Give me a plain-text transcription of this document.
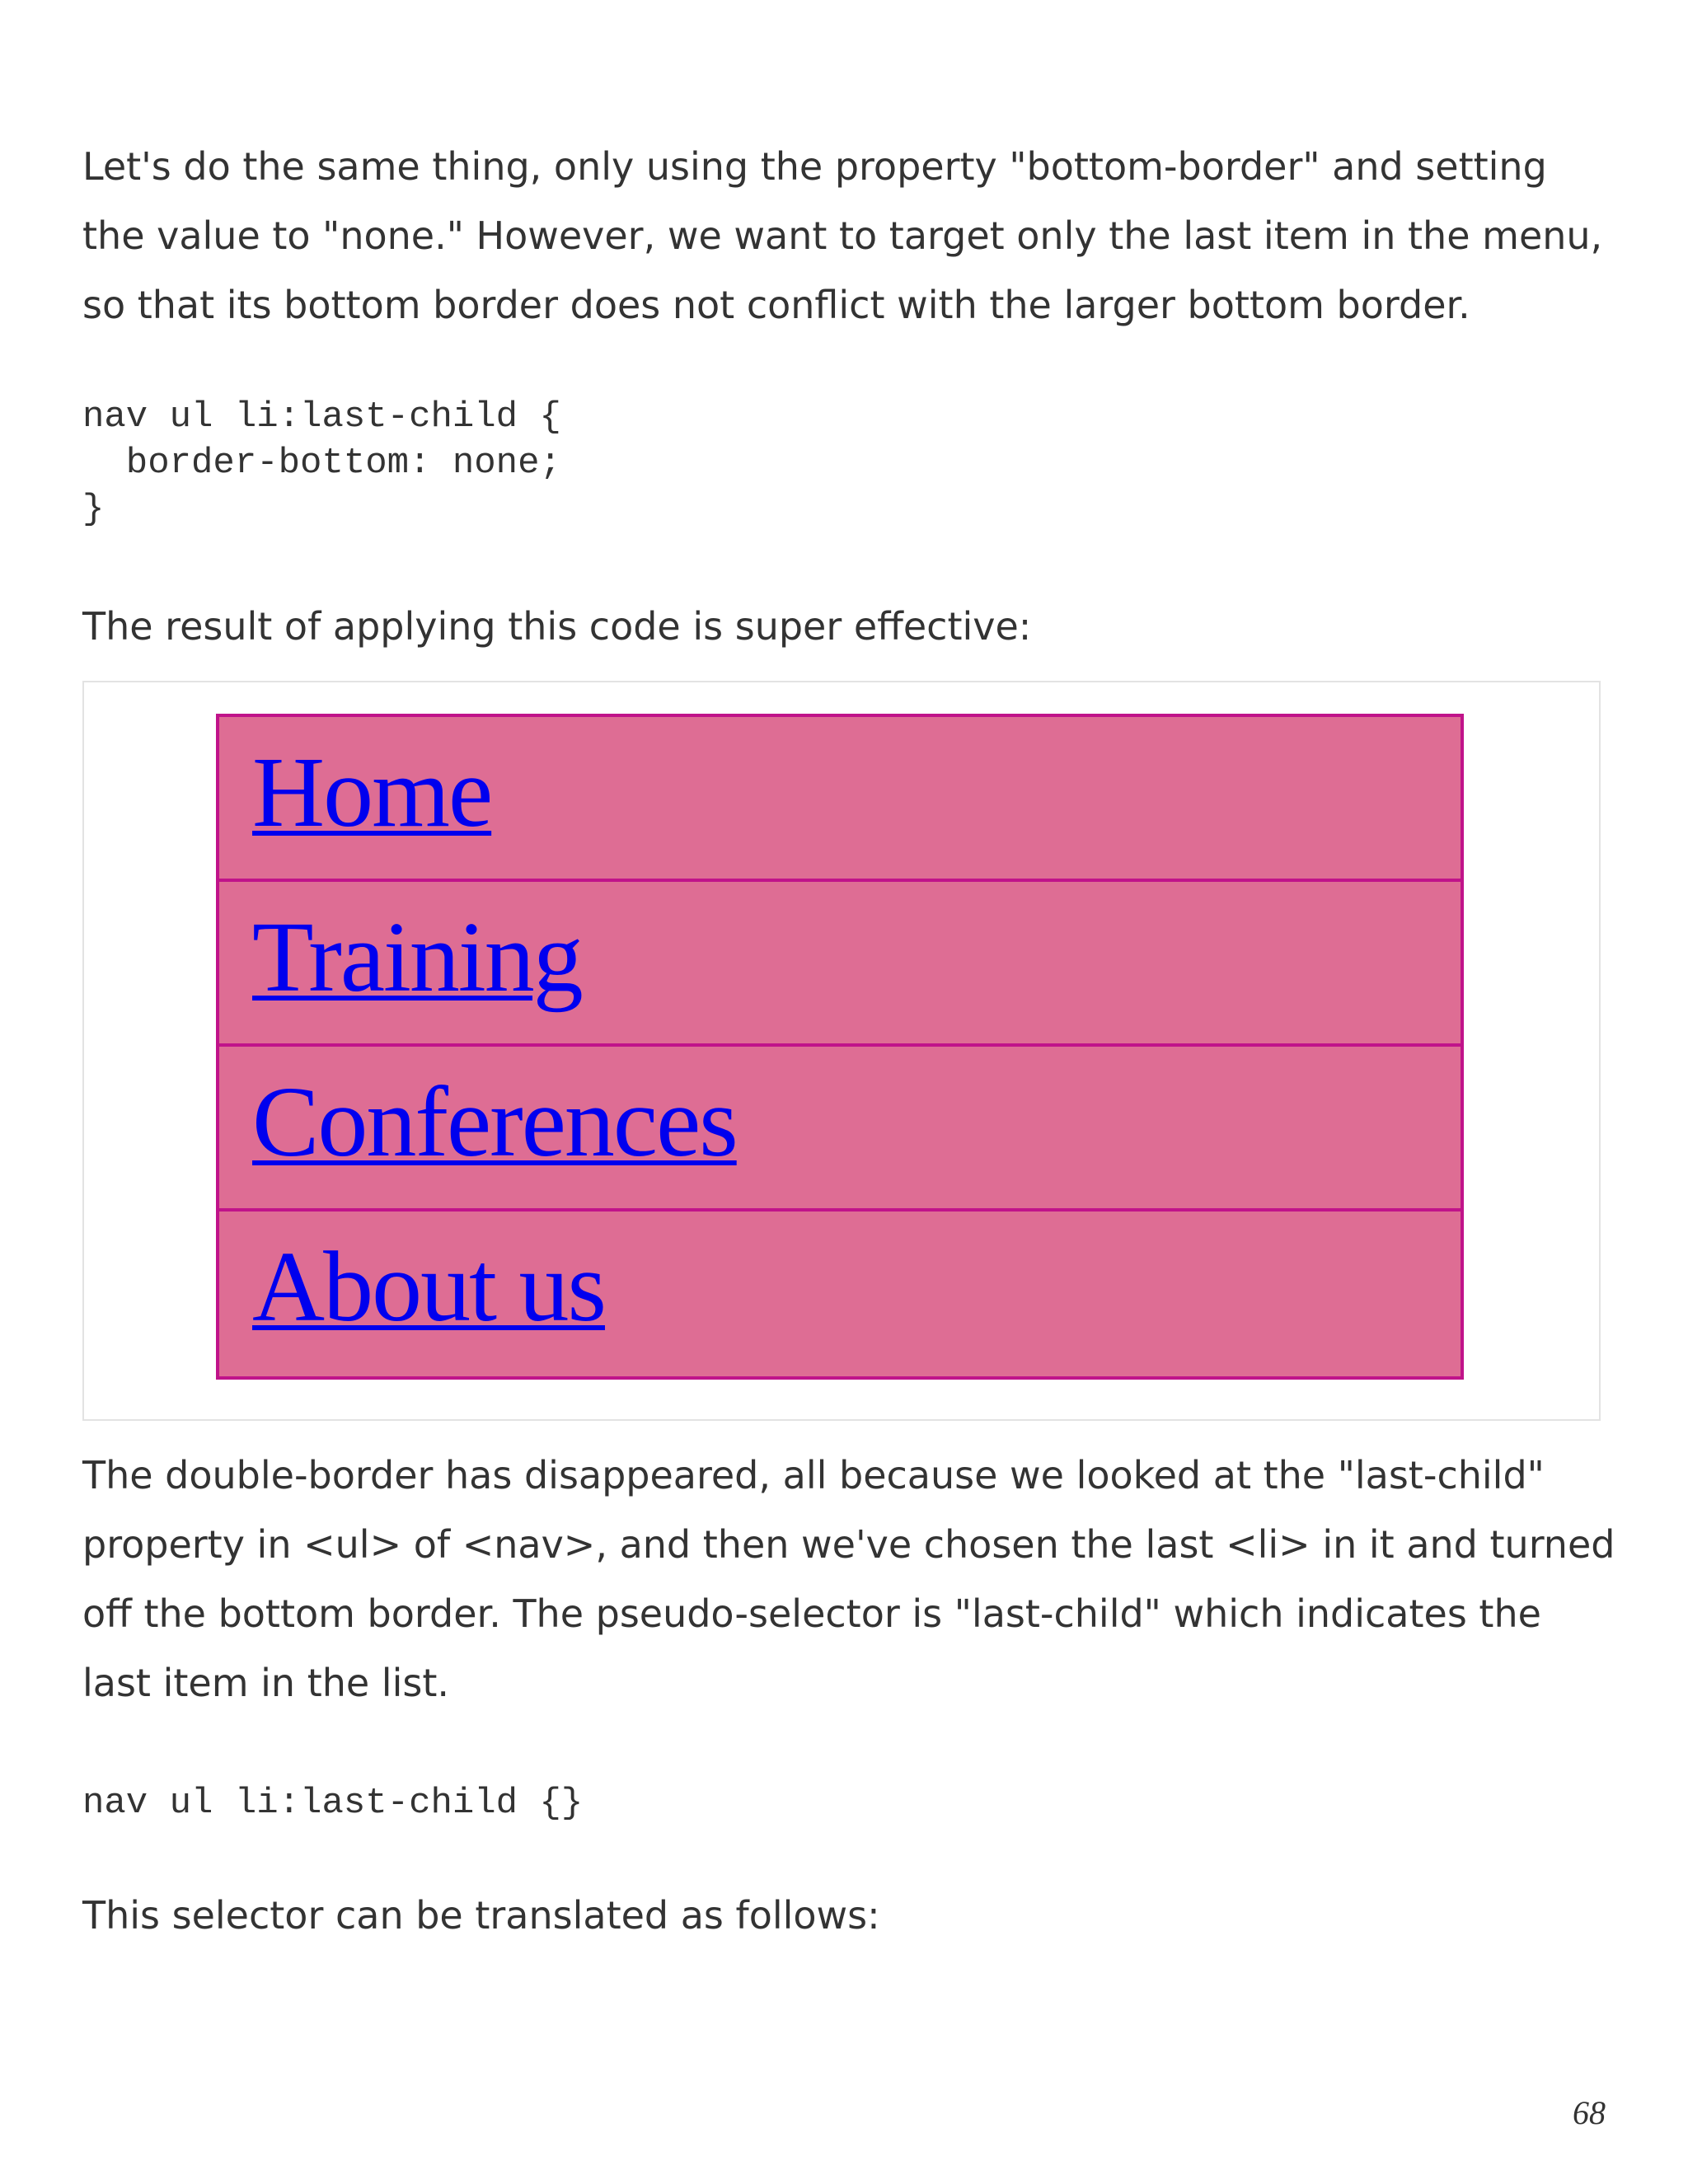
Let's do the same thing, only using the property "bottom-border" and setting the value to "none." However, we want to target only the last item in the menu, so that its bottom border does not conflict with the larger bottom border.

nav ul li:last-child {
border-bottom: none;
}

The result of applying this code is super effective:

Home
Training
Conferences
About us

The double-border has disappeared, all because we looked at the "last-child" property in <ul> of <nav>, and then we've chosen the last <li> in it and turned off the bottom border. The pseudo-selector is "last-child" which indicates the last item in the list.

nav ul li:last-child {}

This selector can be translated as follows:

68
